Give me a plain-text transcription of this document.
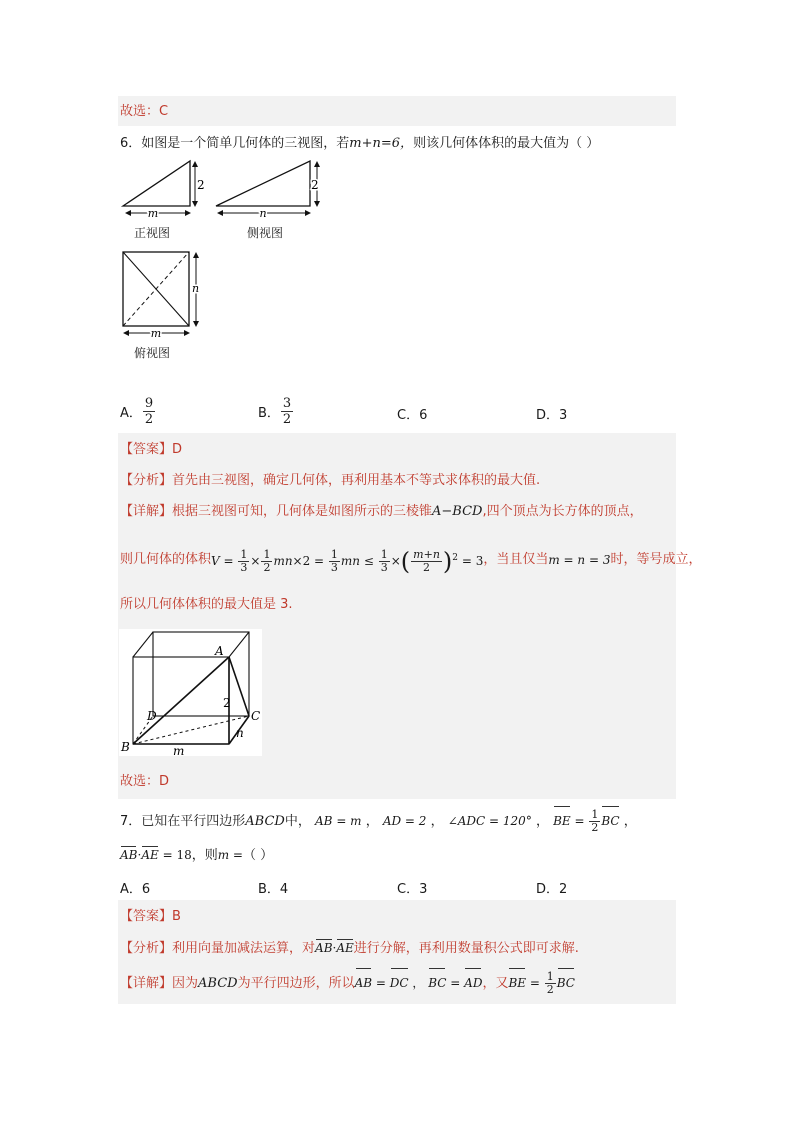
故选：C
6．如图是一个简单几何体的三视图，若m+n=6，则该几何体体积的最大值为（ ）
m
2
n
2
m
n
正视图	侧视图
俯视图
A． $\frac{9}{2}$	B． $\frac{3}{2}$	C．6	D．3
【答案】D
【分析】首先由三视图，确定几何体，再利用基本不等式求体积的最大值.
【详解】根据三视图可知，几何体是如图所示的三棱锥A−BCD,四个顶点为长方体的顶点，
则几何体的体积$V = \frac{1}{3} \times \frac{1}{2} mn\times 2 = \frac{1}{3}$ mn ≤ $\frac{1}{3}$ ×( $\frac{m+n}{2} )^2 = 3$，当且仅当m = n = 3时，等号成立，
所以几何体体积的最大值是 3.
A
D	C
B
2
n
m
故选：D
7．已知在平行四边形ABCD中， AB = m ， AD = 2 ， ∠ADC = 120° ， BE = $\frac{1}{2}$ BC ，
AB·AE = 18，则m =（ ）
A．6	B．4	C．3	D．2
【答案】B
【分析】利用向量加减法运算，对AB·AE进行分解，再利用数量积公式即可求解.
【详解】因为ABCD为平行四边形，所以AB = DC ， BC = AD，又BE = $\frac{1}{2}$ BC
